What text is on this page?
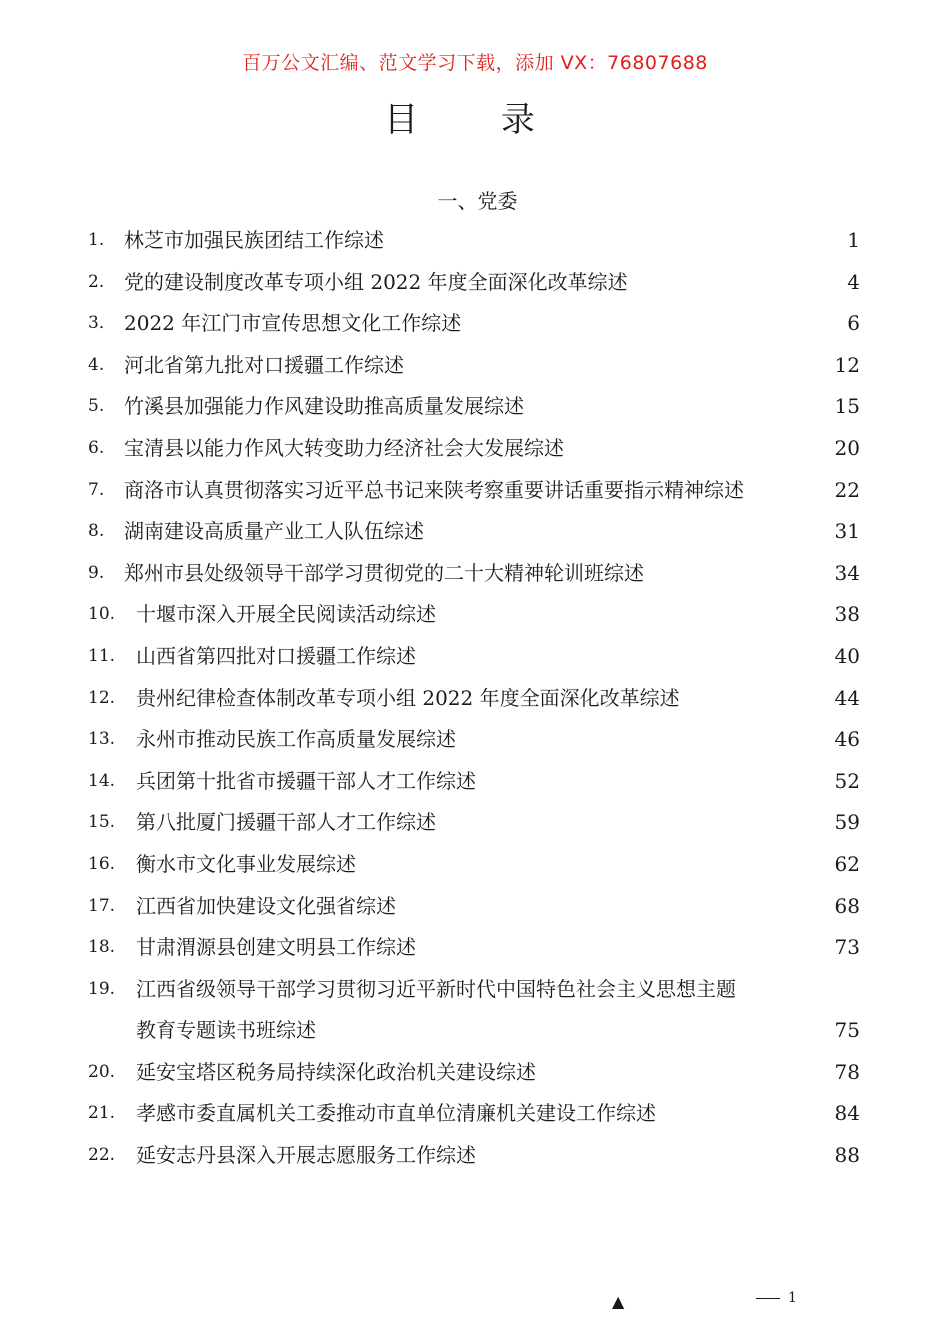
百万公文汇编、范文学习下载，添加 VX：76807688
目 录
一、党委
1. 林芝市加强民族团结工作综述	1
2. 党的建设制度改革专项小组 2022 年度全面深化改革综述	4
3． 2022 年江门市宣传思想文化工作综述	6
4. 河北省第九批对口援疆工作综述	12
5. 竹溪县加强能力作风建设助推高质量发展综述	15
6. 宝清县以能力作风大转变助力经济社会大发展综述	20
7. 商洛市认真贯彻落实习近平总书记来陕考察重要讲话重要指示精神综述	22
8. 湖南建设高质量产业工人队伍综述	31
9. 郑州市县处级领导干部学习贯彻党的二十大精神轮训班综述	34
10. 十堰市深入开展全民阅读活动综述	38
11. 山西省第四批对口援疆工作综述	40
12. 贵州纪律检查体制改革专项小组 2022 年度全面深化改革综述	44
13. 永州市推动民族工作高质量发展综述	46
14. 兵团第十批省市援疆干部人才工作综述	52
15. 第八批厦门援疆干部人才工作综述	59
16. 衡水市文化事业发展综述	62
17. 江西省加快建设文化强省综述	68
18. 甘肃渭源县创建文明县工作综述	73
19. 江西省级领导干部学习贯彻习近平新时代中国特色社会主义思想主题
教育专题读书班综述	75
20. 延安宝塔区税务局持续深化政治机关建设综述	78
21. 孝感市委直属机关工委推动市直单位清廉机关建设工作综述	84
22. 延安志丹县深入开展志愿服务工作综述	88
▲	1
